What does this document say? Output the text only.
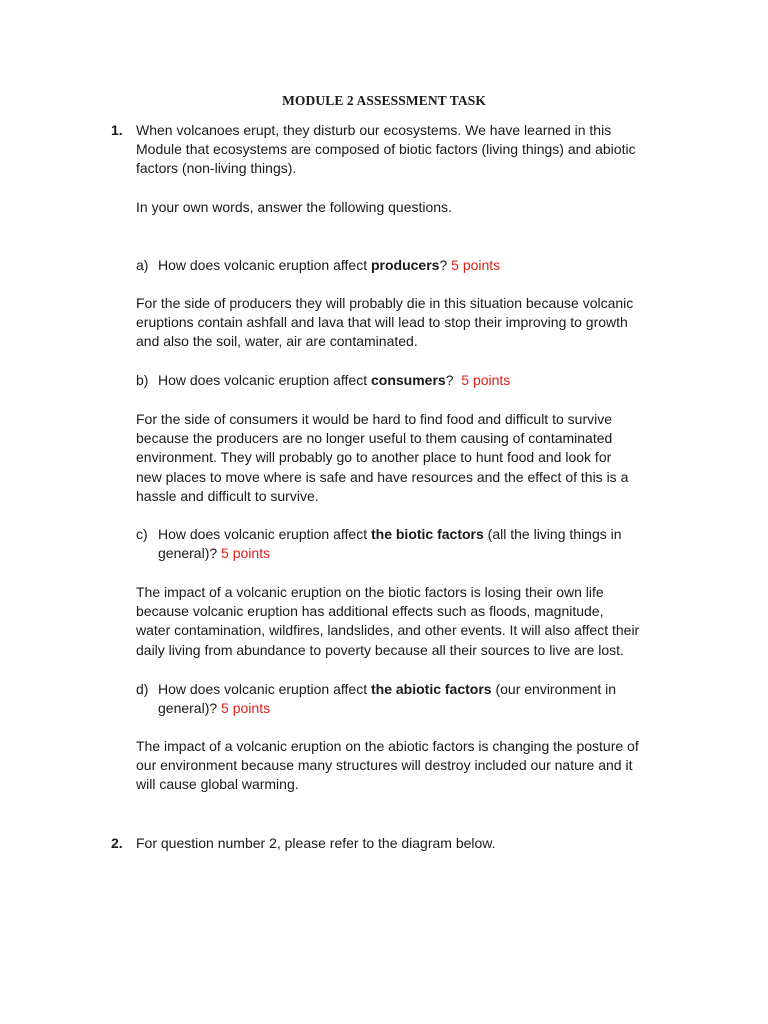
MODULE 2 ASSESSMENT TASK
1. When volcanoes erupt, they disturb our ecosystems. We have learned in this
Module that ecosystems are composed of biotic factors (living things) and abiotic
factors (non-living things).
In your own words, answer the following questions.
a) How does volcanic eruption affect producers? 5 points
For the side of producers they will probably die in this situation because volcanic
eruptions contain ashfall and lava that will lead to stop their improving to growth
and also the soil, water, air are contaminated.
b) How does volcanic eruption affect consumers?  5 points
For the side of consumers it would be hard to find food and difficult to survive
because the producers are no longer useful to them causing of contaminated
environment. They will probably go to another place to hunt food and look for
new places to move where is safe and have resources and the effect of this is a
hassle and difficult to survive.
c) How does volcanic eruption affect the biotic factors (all the living things in
general)? 5 points
The impact of a volcanic eruption on the biotic factors is losing their own life
because volcanic eruption has additional effects such as floods, magnitude,
water contamination, wildfires, landslides, and other events. It will also affect their
daily living from abundance to poverty because all their sources to live are lost.
d) How does volcanic eruption affect the abiotic factors (our environment in
general)? 5 points
The impact of a volcanic eruption on the abiotic factors is changing the posture of
our environment because many structures will destroy included our nature and it
will cause global warming.
2. For question number 2, please refer to the diagram below.
